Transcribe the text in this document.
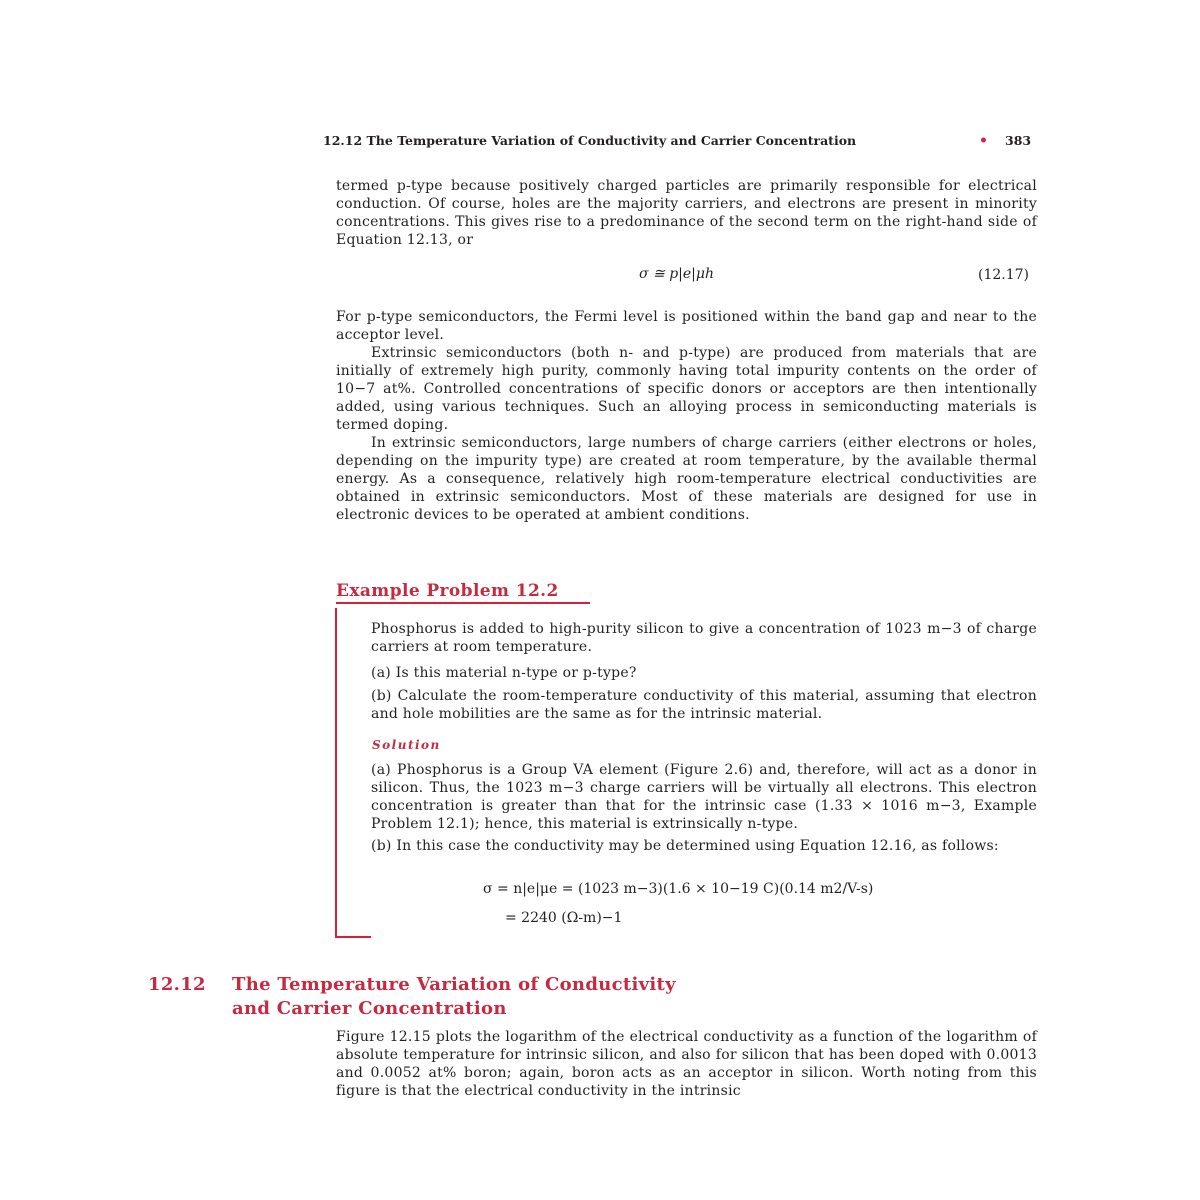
12.12 The Temperature Variation of Conductivity and Carrier Concentration	• 383

termed p-type because positively charged particles are primarily responsible for electrical conduction. Of course, holes are the majority carriers, and electrons are present in minority concentrations. This gives rise to a predominance of the second term on the right-hand side of Equation 12.13, or

σ ≅ p|e|μh	(12.17)

For p-type semiconductors, the Fermi level is positioned within the band gap and near to the acceptor level.

Extrinsic semiconductors (both n- and p-type) are produced from materials that are initially of extremely high purity, commonly having total impurity contents on the order of 10−7 at%. Controlled concentrations of specific donors or acceptors are then intentionally added, using various techniques. Such an alloying process in semiconducting materials is termed doping.

In extrinsic semiconductors, large numbers of charge carriers (either electrons or holes, depending on the impurity type) are created at room temperature, by the available thermal energy. As a consequence, relatively high room-temperature electrical conductivities are obtained in extrinsic semiconductors. Most of these materials are designed for use in electronic devices to be operated at ambient conditions.

Example Problem 12.2

Phosphorus is added to high-purity silicon to give a concentration of 1023 m−3 of charge carriers at room temperature.

(a) Is this material n-type or p-type?

(b) Calculate the room-temperature conductivity of this material, assuming that electron and hole mobilities are the same as for the intrinsic material.

Solution

(a) Phosphorus is a Group VA element (Figure 2.6) and, therefore, will act as a donor in silicon. Thus, the 1023 m−3 charge carriers will be virtually all electrons. This electron concentration is greater than that for the intrinsic case (1.33 × 1016 m−3, Example Problem 12.1); hence, this material is extrinsically n-type.

(b) In this case the conductivity may be determined using Equation 12.16, as follows:

σ = n|e|μe = (1023 m−3)(1.6 × 10−19 C)(0.14 m2/V-s)
= 2240 (Ω-m)−1
12.12 The Temperature Variation of Conductivity
and Carrier Concentration

Figure 12.15 plots the logarithm of the electrical conductivity as a function of the logarithm of absolute temperature for intrinsic silicon, and also for silicon that has been doped with 0.0013 and 0.0052 at% boron; again, boron acts as an acceptor in silicon. Worth noting from this figure is that the electrical conductivity in the intrinsic
